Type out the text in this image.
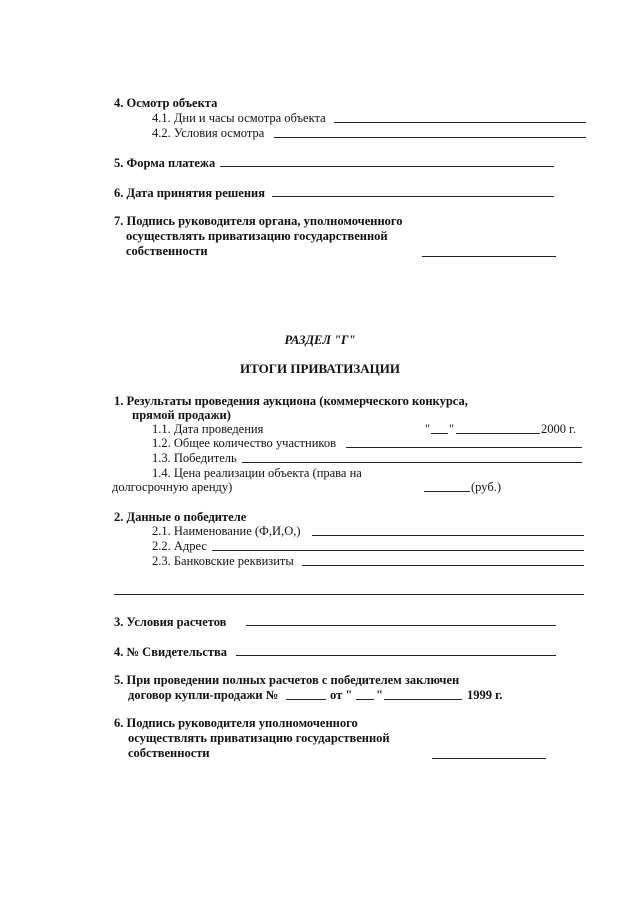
4. Осмотр объекта
4.1. Дни и часы осмотра объекта
4.2. Условия осмотра
5. Форма платежа
6. Дата принятия решения
7. Подпись руководителя органа, уполномоченного
осуществлять приватизацию государственной
собственности
РАЗДЕЛ "Г"
ИТОГИ ПРИВАТИЗАЦИИ
1. Результаты проведения аукциона (коммерческого конкурса,
прямой продажи)
1.1. Дата проведения	" "	2000 г.
1.2. Общее количество участников
1.3. Победитель
1.4. Цена реализации объекта (права на
долгосрочную аренду)	(руб.)
2. Данные о победителе
2.1. Наименование (Ф,И,О,)
2.2. Адрес
2.3. Банковские реквизиты
3. Условия расчетов
4. № Свидетельства
5. При проведении полных расчетов с победителем заключен
договор купли-продажи №	от " "	1999 г.
6. Подпись руководителя уполномоченного
осуществлять приватизацию государственной
собственности
